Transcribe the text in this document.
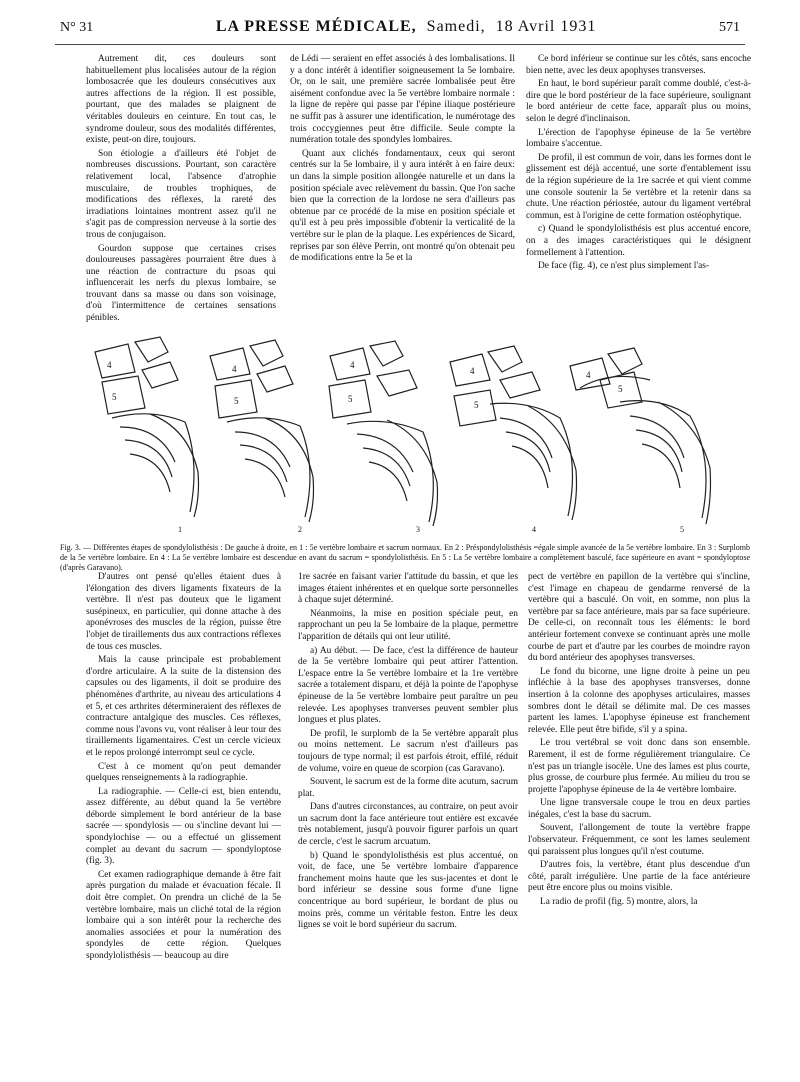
N° 31	LA PRESSE MÉDICALE, Samedi, 18 Avril 1931	571

Autrement dit, ces douleurs sont habituellement plus localisées autour de la région lombosacrée que les douleurs consécutives aux autres affections de la région. Il est possible, pourtant, que des malades se plaignent de véritables douleurs en ceinture. En tout cas, le syndrome douleur, sous des modalités différentes, existe, peut-on dire, toujours.

Son étiologie a d'ailleurs été l'objet de nombreuses discussions. Pourtant, son caractère relativement local, l'absence d'atrophie musculaire, de troubles trophiques, de modifications des réflexes, la rareté des irradiations lointaines montrent assez qu'il ne s'agit pas de compression nerveuse à la sortie des trous de conjugaison.

Gourdon suppose que certaines crises douloureuses passagères pourraient être dues à une réaction de contracture du psoas qui influencerait les nerfs du plexus lombaire, se trouvant dans sa masse ou dans son voisinage, d'où l'intermittence de certaines sensations pénibles.

de Lédi — seraient en effet associés à des lombalisations. Il y a donc intérêt à identifier soigneusement la 5e lombaire. Or, on le sait, une première sacrée lombalisée peut être aisément confondue avec la 5e vertèbre lombaire normale : la ligne de repère qui passe par l'épine iliaque postérieure ne suffit pas à assurer une identification, le numérotage des trois coccygiennes peut être difficile. Seule compte la numération totale des spondyles lombaires.

Quant aux clichés fondamentaux, ceux qui seront centrés sur la 5e lombaire, il y aura intérêt à en faire deux: un dans la simple position allongée naturelle et un dans la position spéciale avec relèvement du bassin. Que l'on sache bien que la correction de la lordose ne sera d'ailleurs pas obtenue par ce procédé de la mise en position spéciale et qu'il est à peu près impossible d'obtenir la verticalité de la vertèbre sur le plan de la plaque. Les expériences de Sicard, reprises par son élève Perrin, ont montré qu'on obtenait peu de modifications entre la 5e et la

Ce bord inférieur se continue sur les côtés, sans encoche bien nette, avec les deux apophyses transverses.

En haut, le bord supérieur paraît comme doublé, c'est-à-dire que le bord postérieur de la face supérieure, soulignant le bord antérieur de cette face, apparaît plus ou moins, selon le degré d'inclinaison.

L'érection de l'apophyse épineuse de la 5e vertèbre lombaire s'accentue.

De profil, il est commun de voir, dans les formes dont le glissement est déjà accentué, une sorte d'entablement issu de la région supérieure de la 1re sacrée et qui vient comme une console soutenir la 5e vertèbre et la retenir dans sa chute. Une réaction périostée, autour du ligament vertébral commun, est à l'origine de cette formation ostéophytique.

c) Quand le spondylolisthésis est plus accentué encore, on a des images caractéristiques qui le désignent formellement à l'attention.

De face (fig. 4), ce n'est plus simplement l'as-

4
5
4
5
4
5
4
5
4
5
1	2	3	4	5
Fig. 3. — Différentes étapes de spondylolisthésis : De gauche à droite, en 1 : 5e vertèbre lombaire et sacrum normaux. En 2 : Préspondylolisthésis =égale simple avancée de la 5e vertèbre lombaire. En 3 : Surplomb de la 5e vertèbre lombaire. En 4 : La 5e vertèbre lombaire est descendue en avant du sacrum = spondylolisthésis. En 5 : La 5e vertèbre lombaire a complètement basculé, face supérieure en avant = spondyloptose (d'après Garavano).

D'autres ont pensé qu'elles étaient dues à l'élongation des divers ligaments fixateurs de la vertèbre. Il n'est pas douteux que le ligament susépineux, en particulier, qui donne attache à des aponévroses des muscles de la région, puisse être l'objet de tiraillements dus aux contractions réflexes de tous ces muscles.

Mais la cause principale est probablement d'ordre articulaire. A la suite de la distension des capsules ou des ligaments, il doit se produire des phénomènes d'arthrite, au niveau des articulations 4 et 5, et ces arthrites détermineraient des réflexes de contracture antalgique des muscles. Ces réflexes, comme nous l'avons vu, vont réaliser à leur tour des tiraillements ligamentaires. C'est un cercle vicieux et le repos prolongé interrompt seul ce cycle.

C'est à ce moment qu'on peut demander quelques renseignements à la radiographie.

La radiographie. — Celle-ci est, bien entendu, assez différente, au début quand la 5e vertèbre déborde simplement le bord antérieur de la base sacrée — spondylosis — ou s'incline devant lui — spondylochise — ou a effectué un glissement complet au devant du sacrum — spondyloptose (fig. 3).

Cet examen radiographique demande à être fait après purgation du malade et évacuation fécale. Il doit être complet. On prendra un cliché de la 5e vertèbre lombaire, mais un cliché total de la région lombaire qui a son intérêt pour la recherche des anomalies associées et pour la numération des spondyles de cette région. Quelques spondylolisthésis — beaucoup au dire

1re sacrée en faisant varier l'attitude du bassin, et que les images étaient inhérentes et en quelque sorte personnelles à chaque sujet déterminé.

Néanmoins, la mise en position spéciale peut, en rapprochant un peu la 5e lombaire de la plaque, permettre l'apparition de détails qui ont leur utilité.

a) Au début. — De face, c'est la différence de hauteur de la 5e vertèbre lombaire qui peut attirer l'attention. L'espace entre la 5e vertèbre lombaire et la 1re vertèbre sacrée a totalement disparu, et déjà la pointe de l'apophyse épineuse de la 5e vertèbre lombaire peut paraître un peu relevée. Les apophyses tranverses peuvent sembler plus longues et plus plates.

De profil, le surplomb de la 5e vertèbre apparaît plus ou moins nettement. Le sacrum n'est d'ailleurs pas toujours de type normal; il est parfois étroit, effilé, réduit de volume, voire en queue de scorpion (cas Garavano).

Souvent, le sacrum est de la forme dite acutum, sacrum plat.

Dans d'autres circonstances, au contraire, on peut avoir un sacrum dont la face antérieure tout entière est excavée très notablement, jusqu'à pouvoir figurer parfois un quart de cercle, c'est le sacrum arcuatum.

b) Quand le spondylolisthésis est plus accentué, on voit, de face, une 5e vertèbre lombaire d'apparence franchement moins haute que les sus-jacentes et dont le bord inférieur se dessine sous forme d'une ligne concentrique au bord supérieur, le bordant de plus ou moins près, comme un véritable feston. Entre les deux lignes se voit le bord supérieur du sacrum.

pect de vertèbre en papillon de la vertèbre qui s'incline, c'est l'image en chapeau de gendarme renversé de la vertèbre qui a basculé. On voit, en somme, non plus la vertèbre par sa face antérieure, mais par sa face supérieure. De celle-ci, on reconnaît tous les éléments: le bord antérieur fortement convexe se continuant après une molle courbe de part et d'autre par les courbes de moindre rayon du bord antérieur des apophyses transverses.

Le fond du bicorne, une ligne droite à peine un peu infléchie à la base des apophyses transverses, donne insertion à la colonne des apophyses articulaires, masses sombres dont le détail se délimite mal. De ces masses partent les lames. L'apophyse épineuse est franchement relevée. Elle peut être bifide, s'il y a spina.

Le trou vertébral se voit donc dans son ensemble. Rarement, il est de forme régulièrement triangulaire. Ce n'est pas un triangle isocèle. Une des lames est plus courte, plus grosse, de courbure plus fermée. Au milieu du trou se projette l'apophyse épineuse de la 4e vertèbre lombaire.

Une ligne transversale coupe le trou en deux parties inégales, c'est la base du sacrum.

Souvent, l'allongement de toute la vertèbre frappe l'observateur. Fréquemment, ce sont les lames seulement qui paraissent plus longues qu'il n'est coutume.

D'autres fois, la vertèbre, étant plus descendue d'un côté, paraît irrégulière. Une partie de la face antérieure peut être encore plus ou moins visible.

La radio de profil (fig. 5) montre, alors, la
